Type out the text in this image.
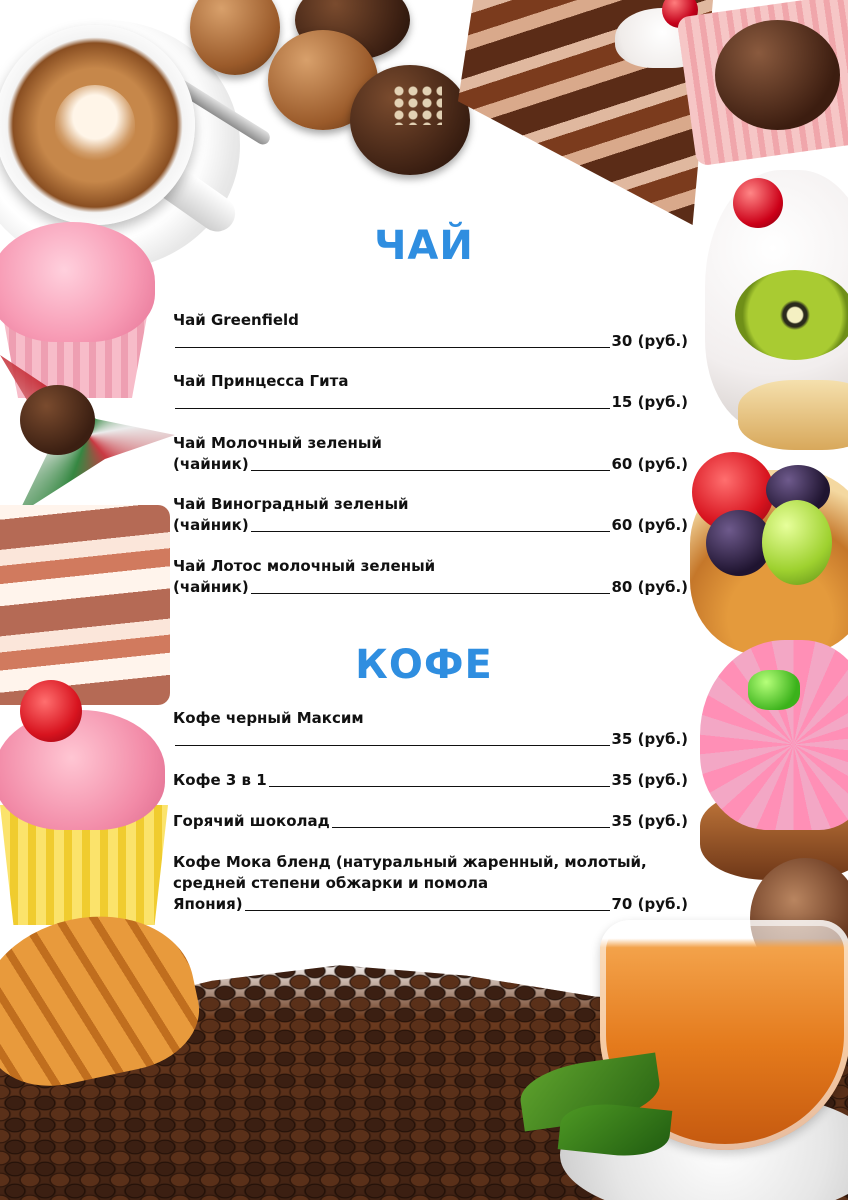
ЧАЙ
Чай Greenfield
30 (руб.)
Чай Принцесса Гита
15 (руб.)
Чай Молочный зеленый
(чайник)	60 (руб.)
Чай Виноградный зеленый
(чайник)	60 (руб.)
Чай Лотос молочный зеленый
(чайник)	80 (руб.)
КОФЕ
Кофе черный Максим
35 (руб.)
Кофе 3 в 1	35 (руб.)
Горячий шоколад	35 (руб.)
Кофе Мока бленд (натуральный жаренный, молотый,
средней степени обжарки и помола
Япония)	70 (руб.)
